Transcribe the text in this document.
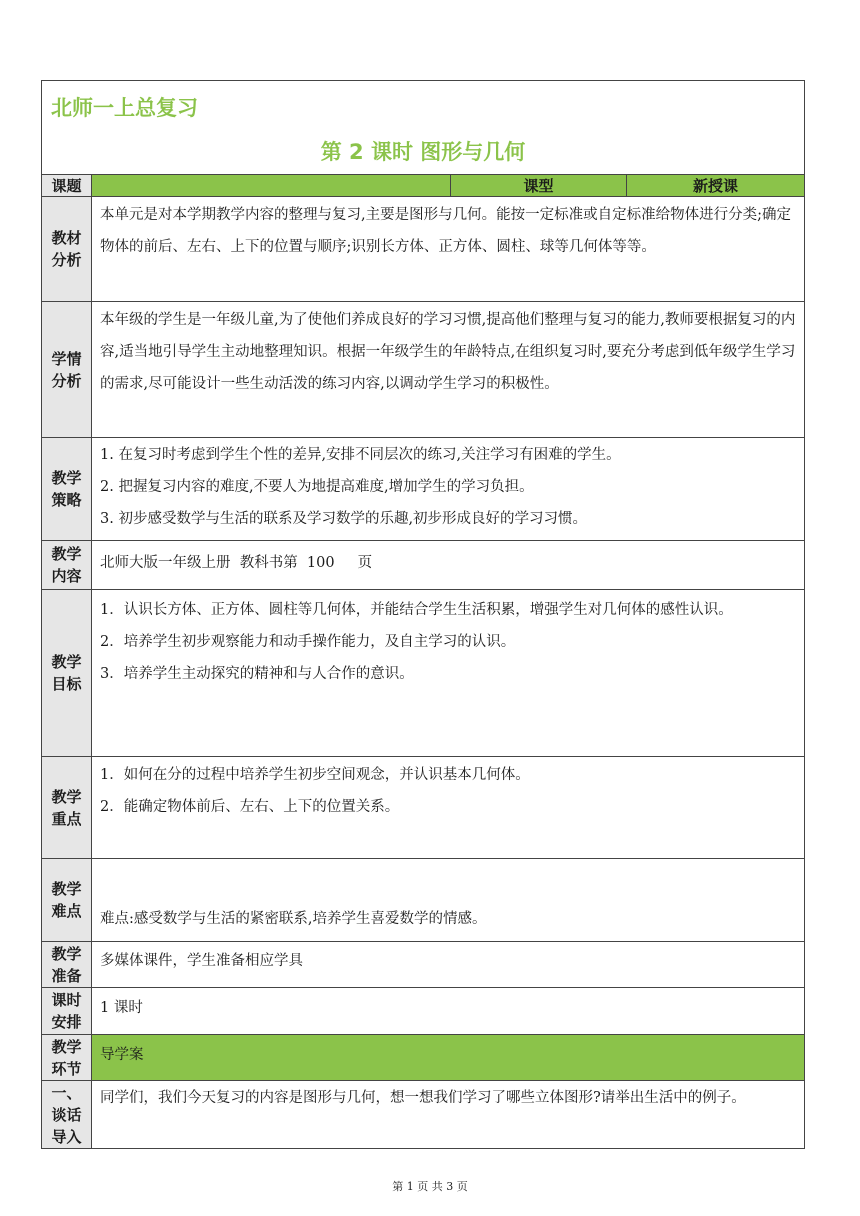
北师一上总复习
第 2 课时 图形与几何
课题	课型	新授课
教材
分析

本单元是对本学期教学内容的整理与复习,主要是图形与几何。能按一定标准或自定标准给物体进行分类;确定物体的前后、左右、上下的位置与顺序;识别长方体、正方体、圆柱、球等几何体等等。

学情
分析

本年级的学生是一年级儿童,为了使他们养成良好的学习习惯,提高他们整理与复习的能力,教师要根据复习的内容,适当地引导学生主动地整理知识。根据一年级学生的年龄特点,在组织复习时,要充分考虑到低年级学生学习的需求,尽可能设计一些生动活泼的练习内容,以调动学生学习的积极性。

教学
策略

1. 在复习时考虑到学生个性的差异,安排不同层次的练习,关注学习有困难的学生。

2. 把握复习内容的难度,不要人为地提高难度,增加学生的学习负担。

3. 初步感受数学与生活的联系及学习数学的乐趣,初步形成良好的学习习惯。

教学
内容

北师大版一年级上册  教科书第  100     页

教学
目标

1．认识长方体、正方体、圆柱等几何体，并能结合学生生活积累，增强学生对几何体的感性认识。

2．培养学生初步观察能力和动手操作能力，及自主学习的认识。

3．培养学生主动探究的精神和与人合作的意识。

教学
重点

1．如何在分的过程中培养学生初步空间观念，并认识基本几何体。

2．能确定物体前后、左右、上下的位置关系。

教学
难点 难点:感受数学与生活的紧密联系,培养学生喜爱数学的情感。

教学
准备

多媒体课件，学生准备相应学具

课时
安排

1 课时

教学
环节

导学案

一、
谈话
导入

同学们，我们今天复习的内容是图形与几何，想一想我们学习了哪些立体图形?请举出生活中的例子。

第 1 页 共 3 页
